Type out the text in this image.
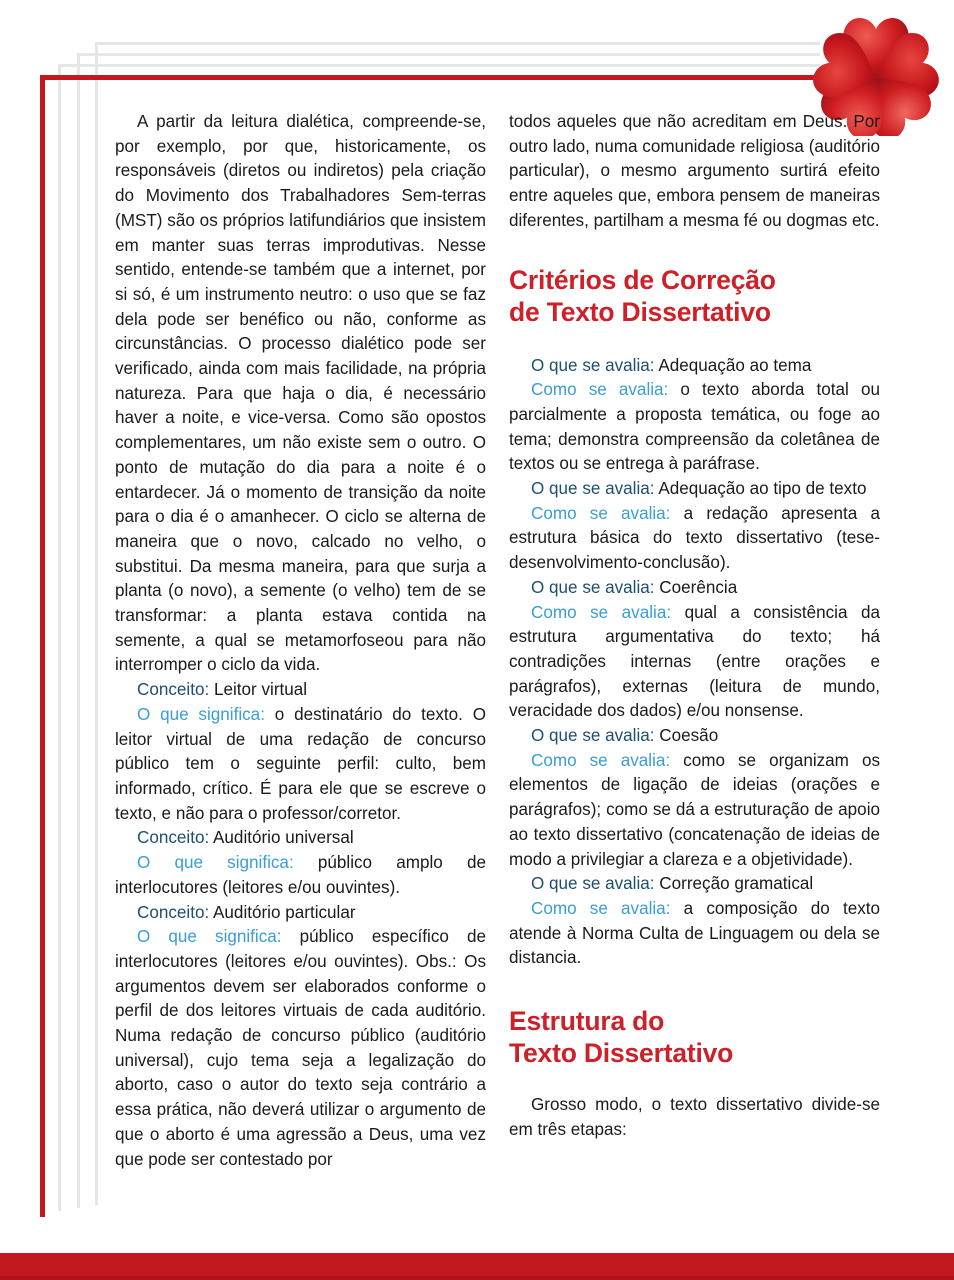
A partir da leitura dialética, compreende-se, por exemplo, por que, historicamente, os responsáveis (diretos ou indiretos) pela criação do Movimento dos Trabalhadores Sem-terras (MST) são os próprios latifundiários que insistem em manter suas terras improdutivas. Nesse sentido, entende-se também que a internet, por si só, é um instrumento neutro: o uso que se faz dela pode ser benéfico ou não, conforme as circunstâncias. O processo dialético pode ser verificado, ainda com mais facilidade, na própria natureza. Para que haja o dia, é necessário haver a noite, e vice-versa. Como são opostos complementares, um não existe sem o outro. O ponto de mutação do dia para a noite é o entardecer. Já o momento de transição da noite para o dia é o amanhecer. O ciclo se alterna de maneira que o novo, calcado no velho, o substitui. Da mesma maneira, para que surja a planta (o novo), a semente (o velho) tem de se transformar: a planta estava contida na semente, a qual se metamorfoseou para não interromper o ciclo da vida.

Conceito: Leitor virtual

O que significa: o destinatário do texto. O leitor virtual de uma redação de concurso público tem o seguinte perfil: culto, bem informado, crítico. É para ele que se escreve o texto, e não para o professor/corretor.

Conceito: Auditório universal

O que significa: público amplo de interlocutores (leitores e/ou ouvintes).

Conceito: Auditório particular

O que significa: público específico de interlocutores (leitores e/ou ouvintes). Obs.: Os argumentos devem ser elaborados conforme o perfil de dos leitores virtuais de cada auditório. Numa redação de concurso público (auditório universal), cujo tema seja a legalização do aborto, caso o autor do texto seja contrário a essa prática, não deverá utilizar o argumento de que o aborto é uma agressão a Deus, uma vez que pode ser contestado por

todos aqueles que não acreditam em Deus. Por outro lado, numa comunidade religiosa (auditório particular), o mesmo argumento surtirá efeito entre aqueles que, embora pensem de maneiras diferentes, partilham a mesma fé ou dogmas etc.

Critérios de Correção
de Texto Dissertativo

O que se avalia: Adequação ao tema

Como se avalia: o texto aborda total ou parcialmente a proposta temática, ou foge ao tema; demonstra compreensão da coletânea de textos ou se entrega à paráfrase.

O que se avalia: Adequação ao tipo de texto

Como se avalia: a redação apresenta a estrutura básica do texto dissertativo (tese-desenvolvimento-conclusão).

O que se avalia: Coerência

Como se avalia: qual a consistência da estrutura argumentativa do texto; há contradições internas (entre orações e parágrafos), externas (leitura de mundo, veracidade dos dados) e/ou nonsense.

O que se avalia: Coesão

Como se avalia: como se organizam os elementos de ligação de ideias (orações e parágrafos); como se dá a estruturação de apoio ao texto dissertativo (concatenação de ideias de modo a privilegiar a clareza e a objetividade).

O que se avalia: Correção gramatical

Como se avalia: a composição do texto atende à Norma Culta de Linguagem ou dela se distancia.

Estrutura do
Texto Dissertativo

Grosso modo, o texto dissertativo divide-se em três etapas:
